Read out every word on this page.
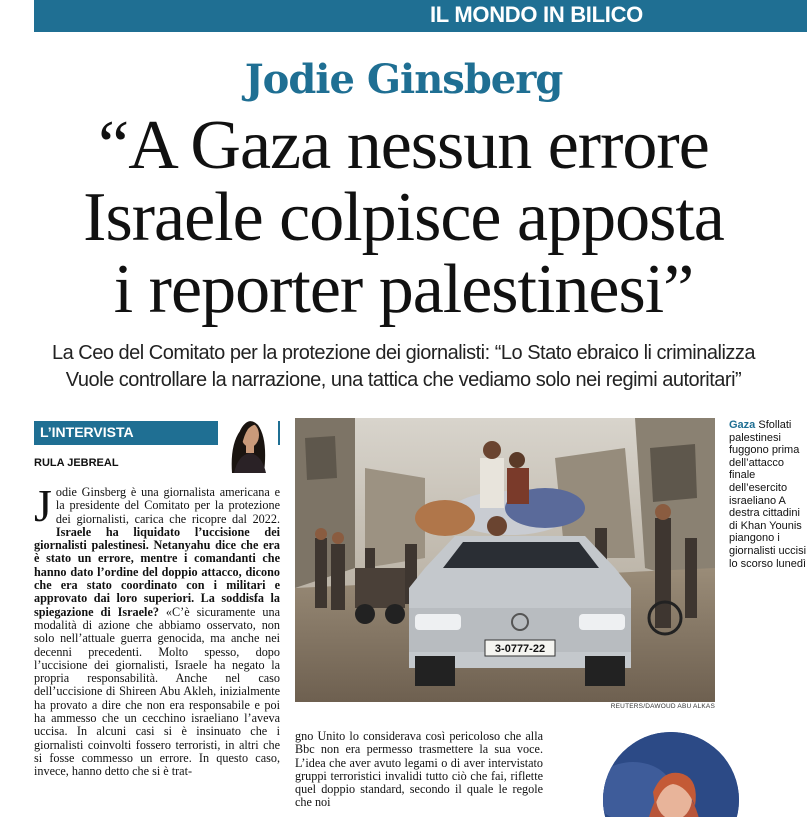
IL MONDO IN BILICO
Jodie Ginsberg
“A Gaza nessun errore
Israele colpisce apposta
i reporter palestinesi”
La Ceo del Comitato per la protezione dei giornalisti: “Lo Stato ebraico li criminalizza
Vuole controllare la narrazione, una tattica che vediamo solo nei regimi autoritari”
L’INTERVISTA
RULA JEBREAL
Jodie Ginsberg è una giornalista americana e la presidente del Comitato per la protezione dei giornalisti, carica che ricopre dal 2022. Israele ha liquidato l’uccisione dei giornalisti palestinesi. Netanyahu dice che era è stato un errore, mentre i comandanti che hanno dato l’ordine del doppio attacco, dicono che era stato coordinato con i militari e approvato dai loro superiori. La soddisfa la spiegazione di Israele? «C’è sicuramente una modalità di azione che abbiamo osservato, non solo nell’attuale guerra genocida, ma anche nei decenni precedenti. Molto spesso, dopo l’uccisione dei giornalisti, Israele ha negato la propria responsabilità. Anche nel caso dell’uccisione di Shireen Abu Akleh, inizialmente ha provato a dire che non era responsabile e poi ha ammesso che un cecchino israeliano l’aveva uccisa. In alcuni casi si è insinuato che i giornalisti coinvolti fossero terroristi, in altri che si fosse commesso un errore. In questo caso, invece, hanno detto che si è trat-
3-0777-22
REUTERS/DAWOUD ABU ALKAS
Gaza Sfollati palestinesi fuggono prima dell’attacco finale dell’esercito israeliano A destra cittadini di Khan Younis piangono i giornalisti uccisi lo scorso lunedì
gno Unito lo considerava così pericoloso che alla Bbc non era permesso trasmettere la sua voce. L’idea che aver avuto legami o di aver intervistato gruppi terroristici invalidi tutto ciò che fai, riflette quel doppio standard, secondo il quale le regole che noi
